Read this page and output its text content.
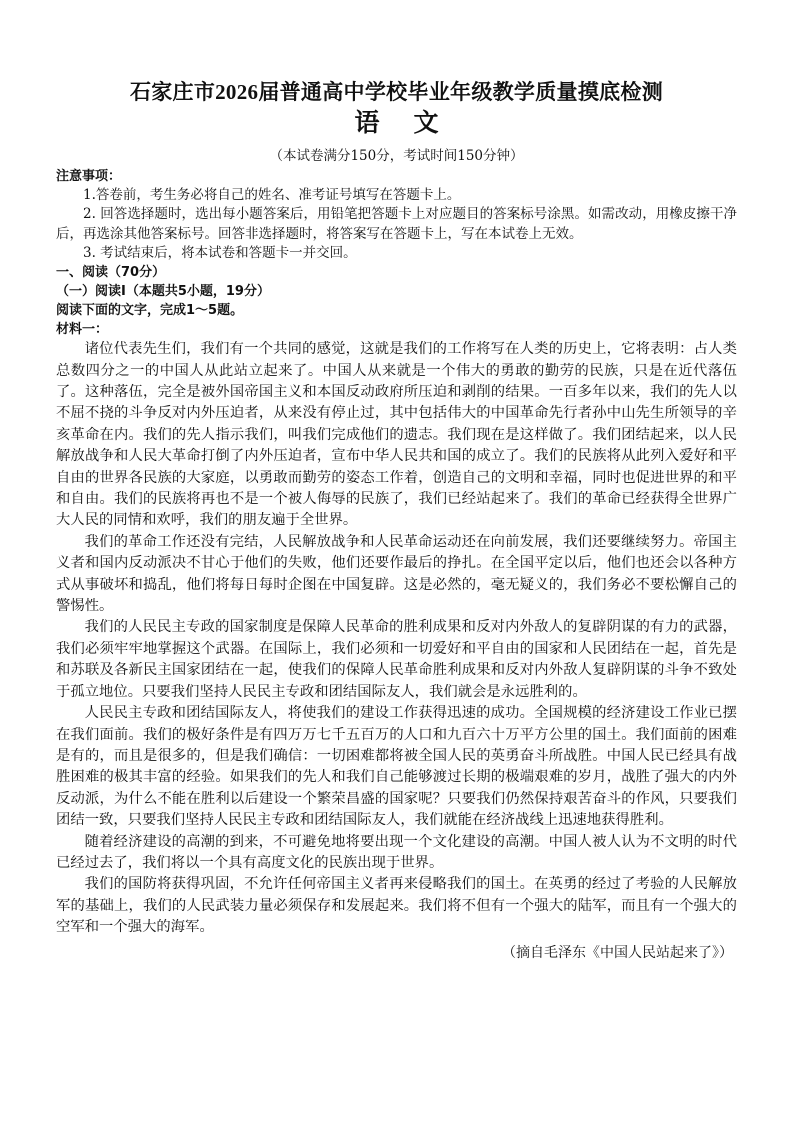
石家庄市2026届普通高中学校毕业年级教学质量摸底检测
语文

（本试卷满分150分，考试时间150分钟）

注意事项：

1.答卷前，考生务必将自己的姓名、准考证号填写在答题卡上。

2. 回答选择题时，选出每小题答案后，用铅笔把答题卡上对应题目的答案标号涂黑。如需改动，用橡皮擦干净后，再选涂其他答案标号。回答非选择题时，将答案写在答题卡上，写在本试卷上无效。

3. 考试结束后，将本试卷和答题卡一并交回。

一、阅读（70分）

（一）阅读Ⅰ（本题共5小题，19分）

阅读下面的文字，完成1～5题。

材料一：

诸位代表先生们，我们有一个共同的感觉，这就是我们的工作将写在人类的历史上，它将表明：占人类总数四分之一的中国人从此站立起来了。中国人从来就是一个伟大的勇敢的勤劳的民族，只是在近代落伍了。这种落伍，完全是被外国帝国主义和本国反动政府所压迫和剥削的结果。一百多年以来，我们的先人以不屈不挠的斗争反对内外压迫者，从来没有停止过，其中包括伟大的中国革命先行者孙中山先生所领导的辛亥革命在内。我们的先人指示我们，叫我们完成他们的遗志。我们现在是这样做了。我们团结起来，以人民解放战争和人民大革命打倒了内外压迫者，宣布中华人民共和国的成立了。我们的民族将从此列入爱好和平自由的世界各民族的大家庭，以勇敢而勤劳的姿态工作着，创造自己的文明和幸福，同时也促进世界的和平和自由。我们的民族将再也不是一个被人侮辱的民族了，我们已经站起来了。我们的革命已经获得全世界广大人民的同情和欢呼，我们的朋友遍于全世界。

我们的革命工作还没有完结，人民解放战争和人民革命运动还在向前发展，我们还要继续努力。帝国主义者和国内反动派决不甘心于他们的失败，他们还要作最后的挣扎。在全国平定以后，他们也还会以各种方式从事破坏和捣乱，他们将每日每时企图在中国复辟。这是必然的，毫无疑义的，我们务必不要松懈自己的警惕性。

我们的人民民主专政的国家制度是保障人民革命的胜利成果和反对内外敌人的复辟阴谋的有力的武器，我们必须牢牢地掌握这个武器。在国际上，我们必须和一切爱好和平自由的国家和人民团结在一起，首先是和苏联及各新民主国家团结在一起，使我们的保障人民革命胜利成果和反对内外敌人复辟阴谋的斗争不致处于孤立地位。只要我们坚持人民民主专政和团结国际友人，我们就会是永远胜利的。

人民民主专政和团结国际友人，将使我们的建设工作获得迅速的成功。全国规模的经济建设工作业已摆在我们面前。我们的极好条件是有四万万七千五百万的人口和九百六十万平方公里的国土。我们面前的困难是有的，而且是很多的，但是我们确信：一切困难都将被全国人民的英勇奋斗所战胜。中国人民已经具有战胜困难的极其丰富的经验。如果我们的先人和我们自己能够渡过长期的极端艰难的岁月，战胜了强大的内外反动派，为什么不能在胜利以后建设一个繁荣昌盛的国家呢？只要我们仍然保持艰苦奋斗的作风，只要我们团结一致，只要我们坚持人民民主专政和团结国际友人，我们就能在经济战线上迅速地获得胜利。

随着经济建设的高潮的到来，不可避免地将要出现一个文化建设的高潮。中国人被人认为不文明的时代已经过去了，我们将以一个具有高度文化的民族出现于世界。

我们的国防将获得巩固，不允许任何帝国主义者再来侵略我们的国土。在英勇的经过了考验的人民解放军的基础上，我们的人民武装力量必须保存和发展起来。我们将不但有一个强大的陆军，而且有一个强大的空军和一个强大的海军。

（摘自毛泽东《中国人民站起来了》）
